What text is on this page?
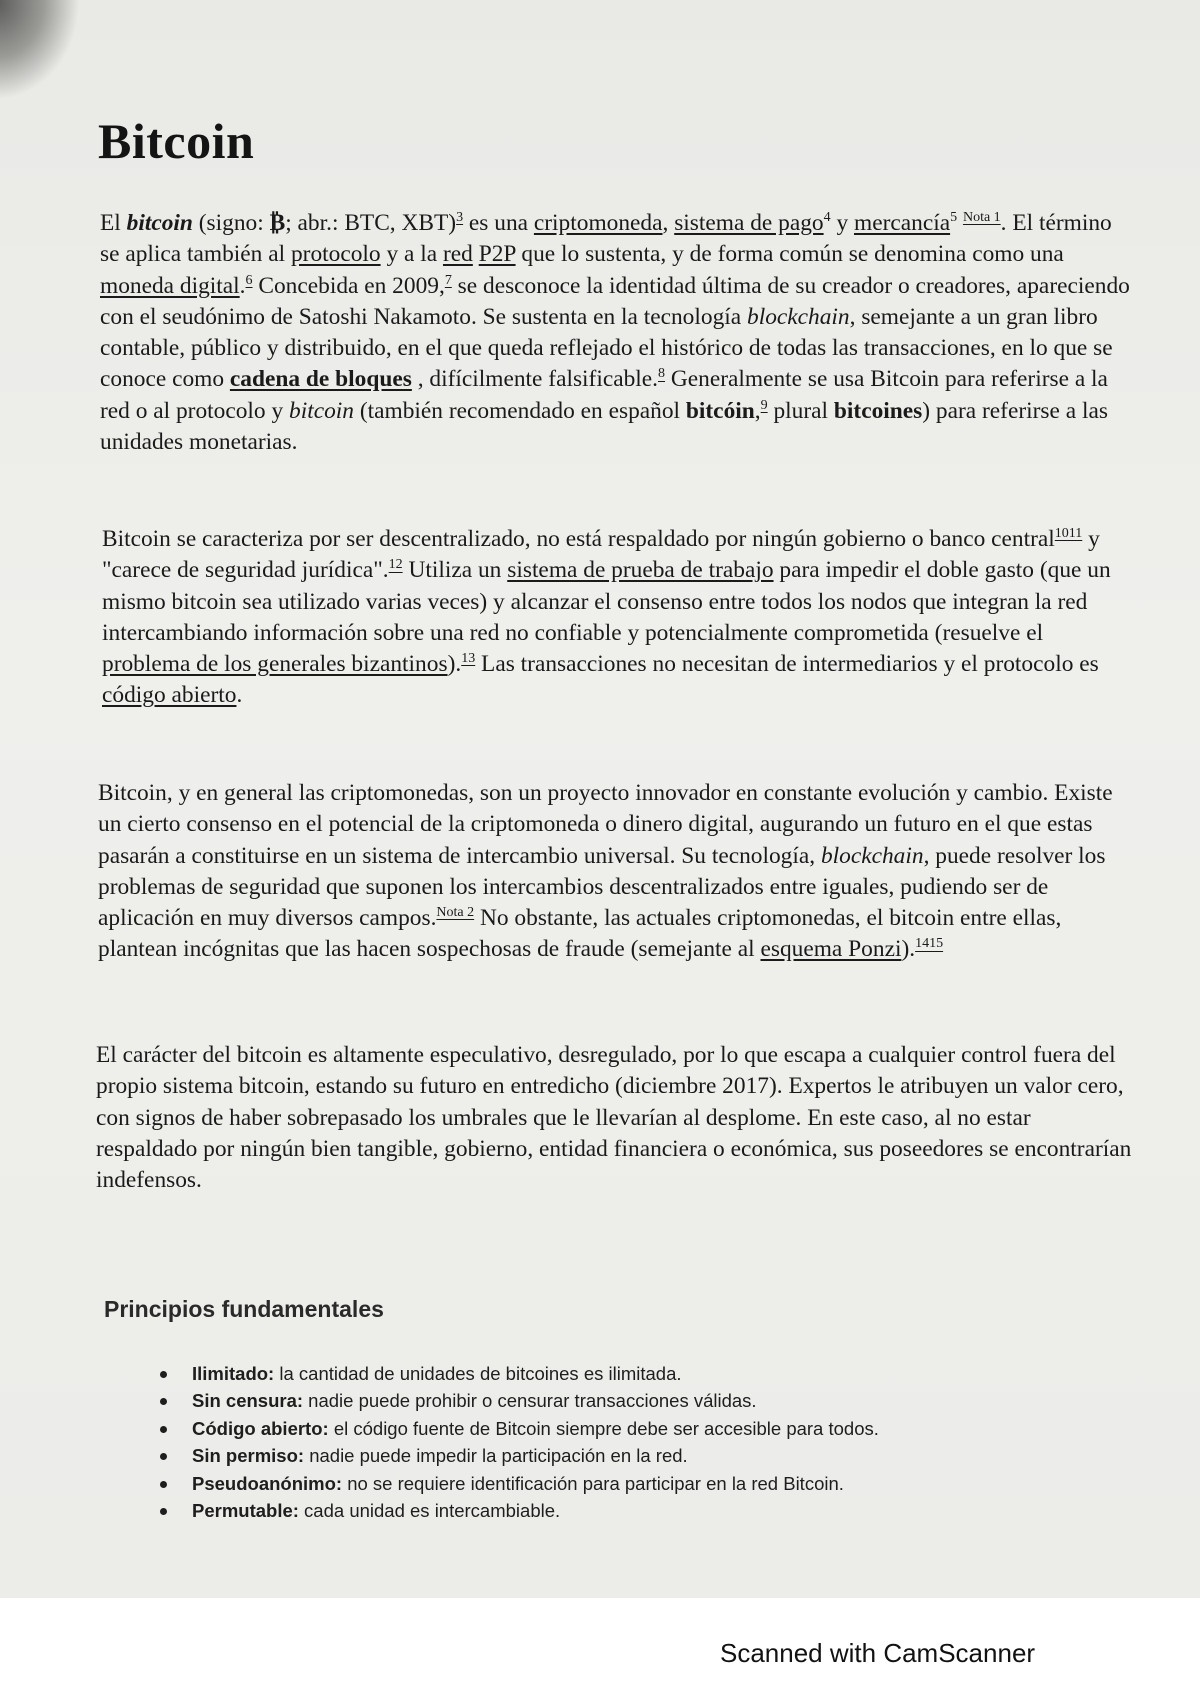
Bitcoin

El bitcoin (signo: ₿; abr.: BTC, XBT)$^3$ es una criptomoneda, sistema de pago$^4$ y mercancía$^5$ $^{Nota 1}$. El término se aplica también al protocolo y a la red P2P que lo sustenta, y de forma común se denomina como una moneda digital.$^6$ Concebida en 2009,$^7$ se desconoce la identidad última de su creador o creadores, apareciendo con el seudónimo de Satoshi Nakamoto. Se sustenta en la tecnología blockchain, semejante a un gran libro contable, público y distribuido, en el que queda reflejado el histórico de todas las transacciones, en lo que se conoce como cadena de bloques , difícilmente falsificable.$^8$ Generalmente se usa Bitcoin para referirse a la red o al protocolo y bitcoin (también recomendado en español bitcóin,$^9$ plural bitcoines) para referirse a las unidades monetarias.

Bitcoin se caracteriza por ser descentralizado, no está respaldado por ningún gobierno o banco central$^{1011}$ y "carece de seguridad jurídica".$^{12}$ Utiliza un sistema de prueba de trabajo para impedir el doble gasto (que un mismo bitcoin sea utilizado varias veces) y alcanzar el consenso entre todos los nodos que integran la red intercambiando información sobre una red no confiable y potencialmente comprometida (resuelve el problema de los generales bizantinos).$^{13}$ Las transacciones no necesitan de intermediarios y el protocolo es código abierto.

Bitcoin, y en general las criptomonedas, son un proyecto innovador en constante evolución y cambio. Existe un cierto consenso en el potencial de la criptomoneda o dinero digital, augurando un futuro en el que estas pasarán a constituirse en un sistema de intercambio universal. Su tecnología, blockchain, puede resolver los problemas de seguridad que suponen los intercambios descentralizados entre iguales, pudiendo ser de aplicación en muy diversos campos.$^{Nota 2}$ No obstante, las actuales criptomonedas, el bitcoin entre ellas, plantean incógnitas que las hacen sospechosas de fraude (semejante al esquema Ponzi).$^{1415}$

El carácter del bitcoin es altamente especulativo, desregulado, por lo que escapa a cualquier control fuera del propio sistema bitcoin, estando su futuro en entredicho (diciembre 2017). Expertos le atribuyen un valor cero, con signos de haber sobrepasado los umbrales que le llevarían al desplome. En este caso, al no estar respaldado por ningún bien tangible, gobierno, entidad financiera o económica, sus poseedores se encontrarían indefensos.

Principios fundamentales
Ilimitado: la cantidad de unidades de bitcoines es ilimitada.
Sin censura: nadie puede prohibir o censurar transacciones válidas.
Código abierto: el código fuente de Bitcoin siempre debe ser accesible para todos.
Sin permiso: nadie puede impedir la participación en la red.
Pseudoanónimo: no se requiere identificación para participar en la red Bitcoin.
Permutable: cada unidad es intercambiable.

Scanned with CamScanner
